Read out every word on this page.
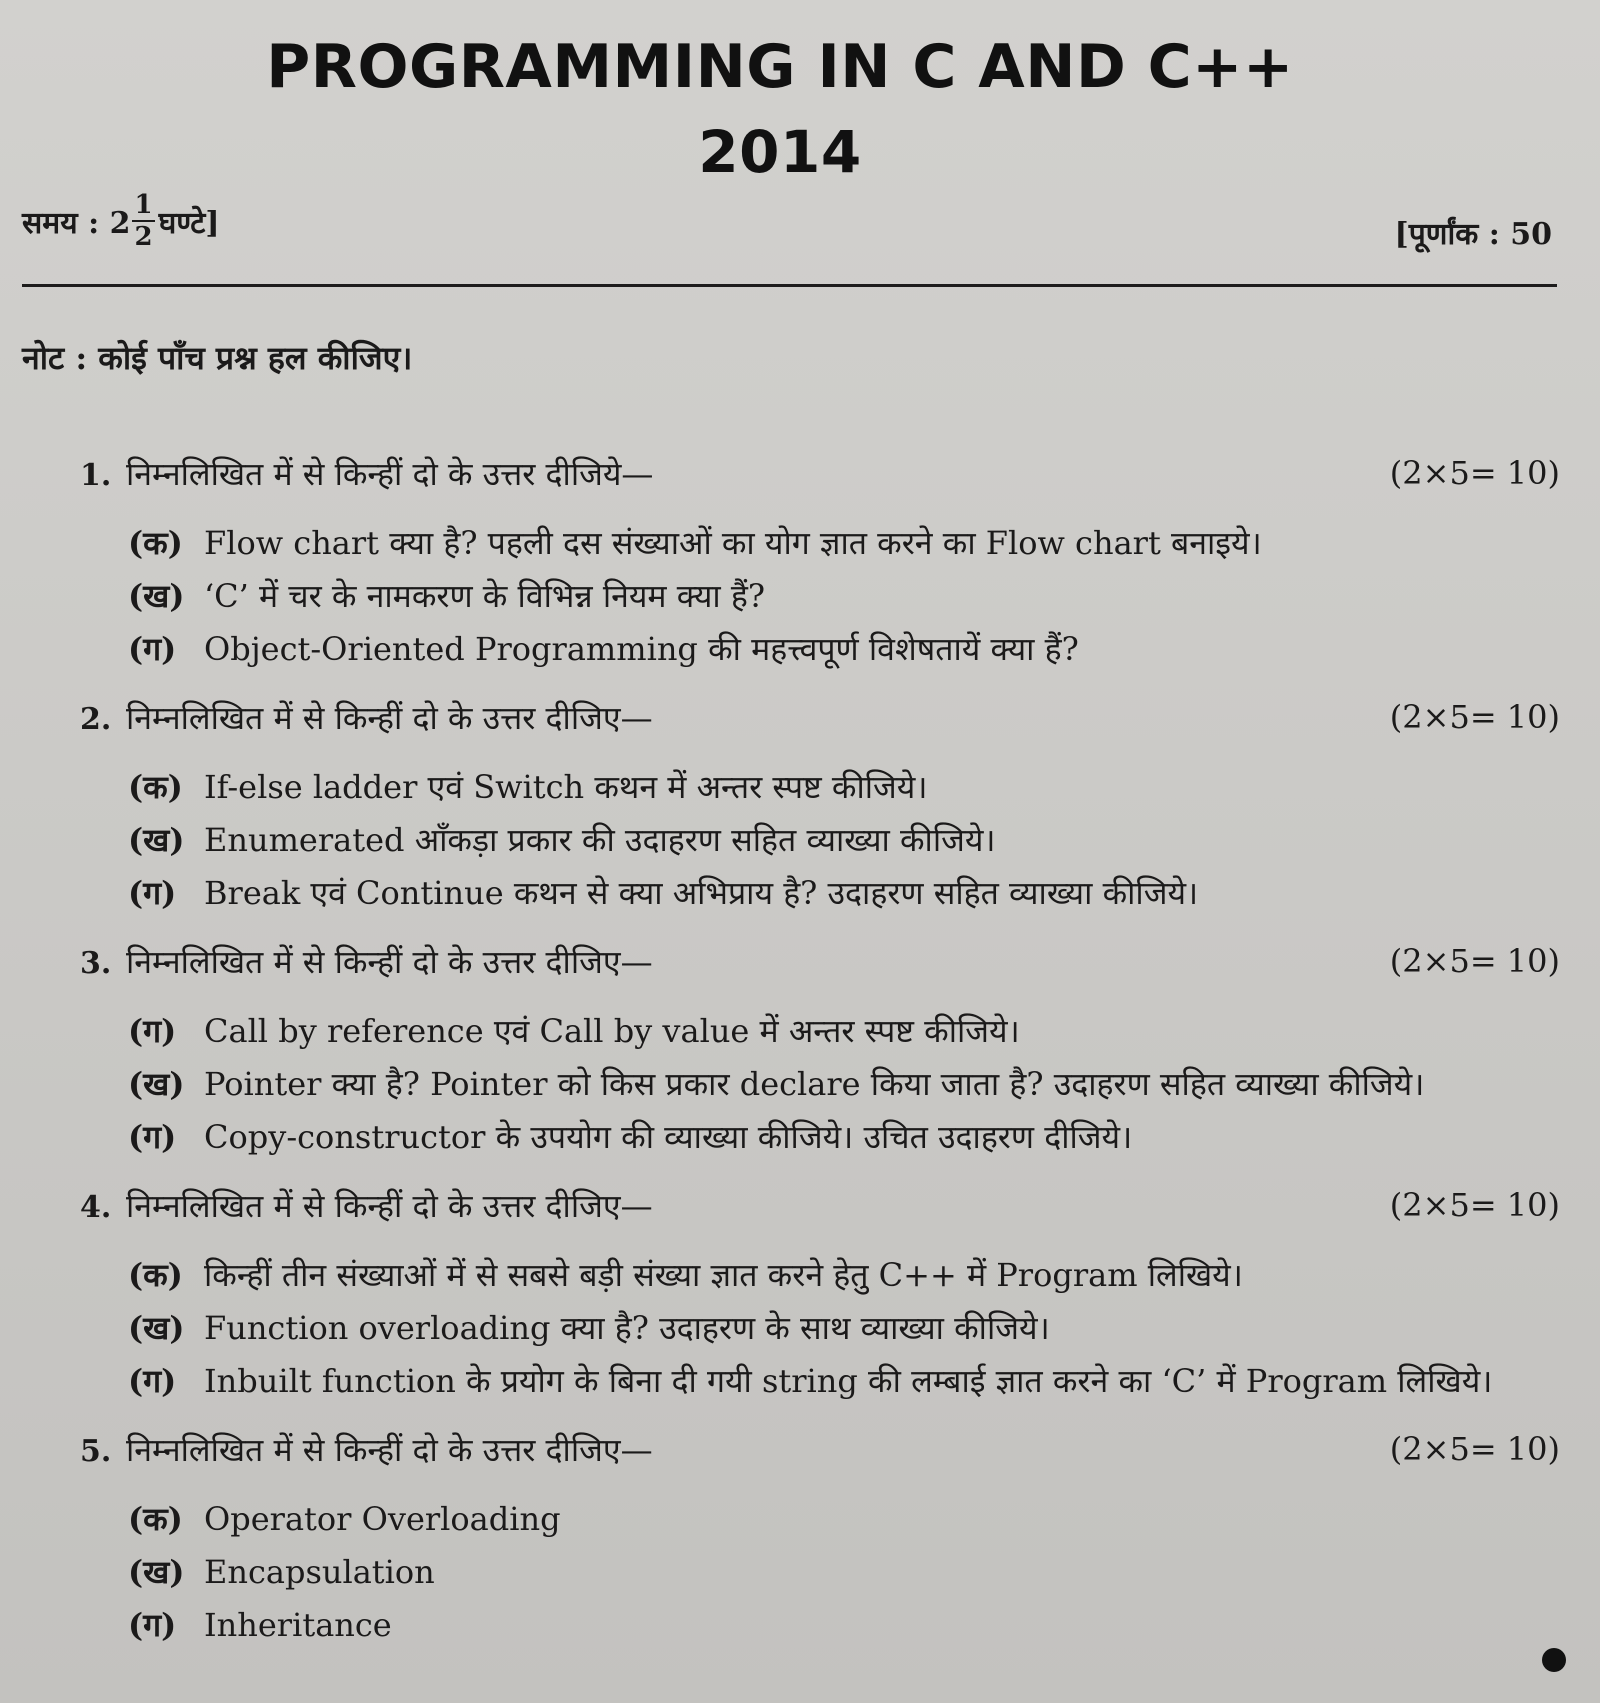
PROGRAMMING IN C AND C++
2014
समय : $2 \frac{1}{2}$ घण्टे]	[पूर्णांक : 50
नोट : कोई पाँच प्रश्न हल कीजिए।
1. निम्नलिखित में से किन्हीं दो के उत्तर दीजिये—	(2×5= 10)
(क) Flow chart क्या है? पहली दस संख्याओं का योग ज्ञात करने का Flow chart बनाइये।
(ख) ‘C’ में चर के नामकरण के विभिन्न नियम क्या हैं?
(ग) Object-Oriented Programming की महत्त्वपूर्ण विशेषतायें क्या हैं?
2. निम्नलिखित में से किन्हीं दो के उत्तर दीजिए—	(2×5= 10)
(क) If-else ladder एवं Switch कथन में अन्तर स्पष्ट कीजिये।
(ख) Enumerated आँकड़ा प्रकार की उदाहरण सहित व्याख्या कीजिये।
(ग) Break एवं Continue कथन से क्या अभिप्राय है? उदाहरण सहित व्याख्या कीजिये।
3. निम्नलिखित में से किन्हीं दो के उत्तर दीजिए—	(2×5= 10)
(ग) Call by reference एवं Call by value में अन्तर स्पष्ट कीजिये।
(ख) Pointer क्या है? Pointer को किस प्रकार declare किया जाता है? उदाहरण सहित व्याख्या कीजिये।
(ग) Copy-constructor के उपयोग की व्याख्या कीजिये। उचित उदाहरण दीजिये।
4. निम्नलिखित में से किन्हीं दो के उत्तर दीजिए—	(2×5= 10)
(क) किन्हीं तीन संख्याओं में से सबसे बड़ी संख्या ज्ञात करने हेतु C++ में Program लिखिये।
(ख) Function overloading क्या है? उदाहरण के साथ व्याख्या कीजिये।
(ग) Inbuilt function के प्रयोग के बिना दी गयी string की लम्बाई ज्ञात करने का ‘C’ में Program लिखिये।
5. निम्नलिखित में से किन्हीं दो के उत्तर दीजिए—	(2×5= 10)
(क) Operator Overloading
(ख) Encapsulation
(ग) Inheritance
